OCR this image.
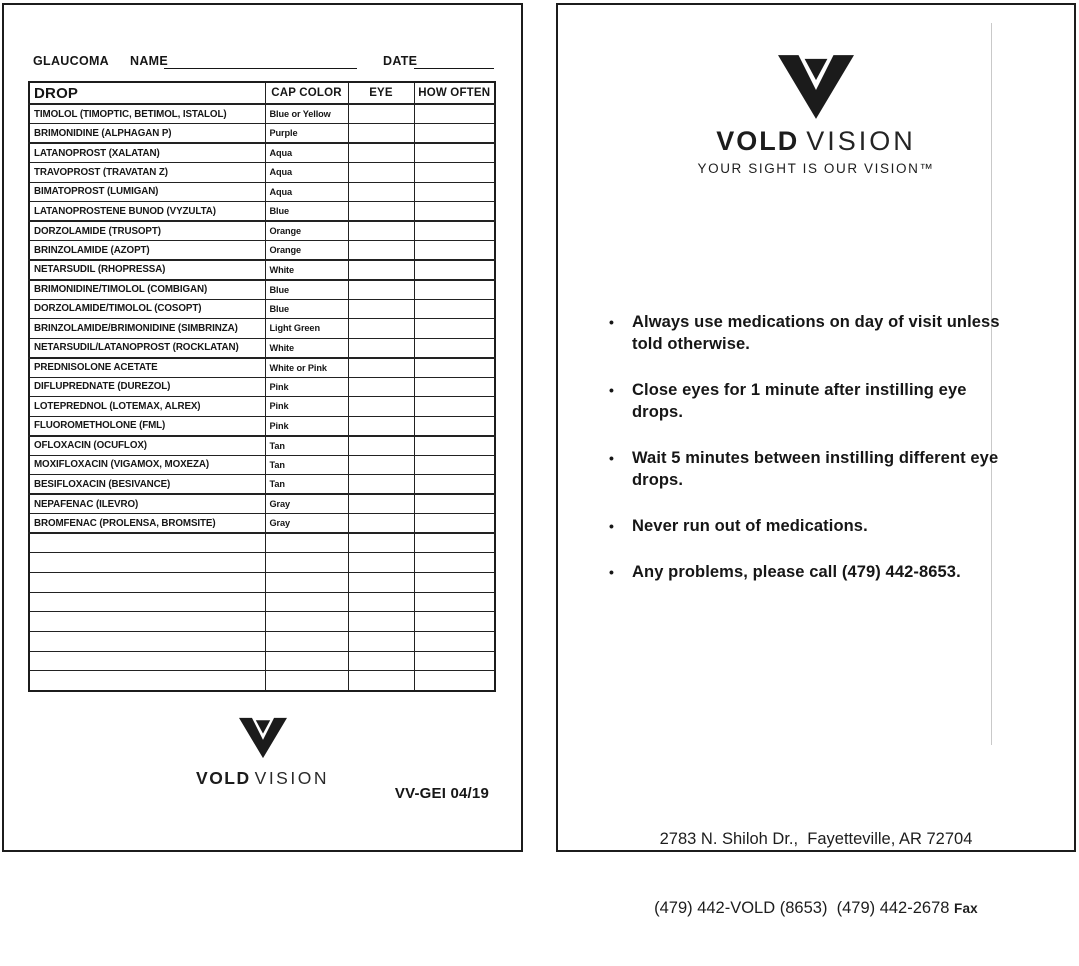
GLAUCOMA NAME	DATE
DROP	CAP COLOR	EYE	HOW OFTEN
TIMOLOL (TIMOPTIC, BETIMOL, ISTALOL)	Blue or Yellow		
BRIMONIDINE (ALPHAGAN P)	Purple		
LATANOPROST (XALATAN)	Aqua		
TRAVOPROST (TRAVATAN Z)	Aqua		
BIMATOPROST (LUMIGAN)	Aqua		
LATANOPROSTENE BUNOD (VYZULTA)	Blue		
DORZOLAMIDE (TRUSOPT)	Orange		
BRINZOLAMIDE (AZOPT)	Orange		
NETARSUDIL (RHOPRESSA)	White		
BRIMONIDINE/TIMOLOL (COMBIGAN)	Blue		
DORZOLAMIDE/TIMOLOL (COSOPT)	Blue		
BRINZOLAMIDE/BRIMONIDINE (SIMBRINZA)	Light Green		
NETARSUDIL/LATANOPROST (ROCKLATAN)	White		
PREDNISOLONE ACETATE	White or Pink		
DIFLUPREDNATE (DUREZOL)	Pink		
LOTEPREDNOL (LOTEMAX, ALREX)	Pink		
FLUOROMETHOLONE (FML)	Pink		
OFLOXACIN (OCUFLOX)	Tan		
MOXIFLOXACIN (VIGAMOX, MOXEZA)	Tan		
BESIFLOXACIN (BESIVANCE)	Tan		
NEPAFENAC (ILEVRO)	Gray		
BROMFENAC (PROLENSA, BROMSITE)	Gray		

VOLD VISION
VV-GEI 04/19
VOLD VISION
YOUR SIGHT IS OUR VISION™
•	Always use medications on day of visit unless told otherwise.
•	Close eyes for 1 minute after instilling eye drops.
•	Wait 5 minutes between instilling different eye drops.
•	Never run out of medications.
•	Any problems, please call (479) 442-8653.

2783 N. Shiloh Dr.,  Fayetteville, AR 72704

(479) 442-VOLD (8653)  (479) 442-2678 Fax
